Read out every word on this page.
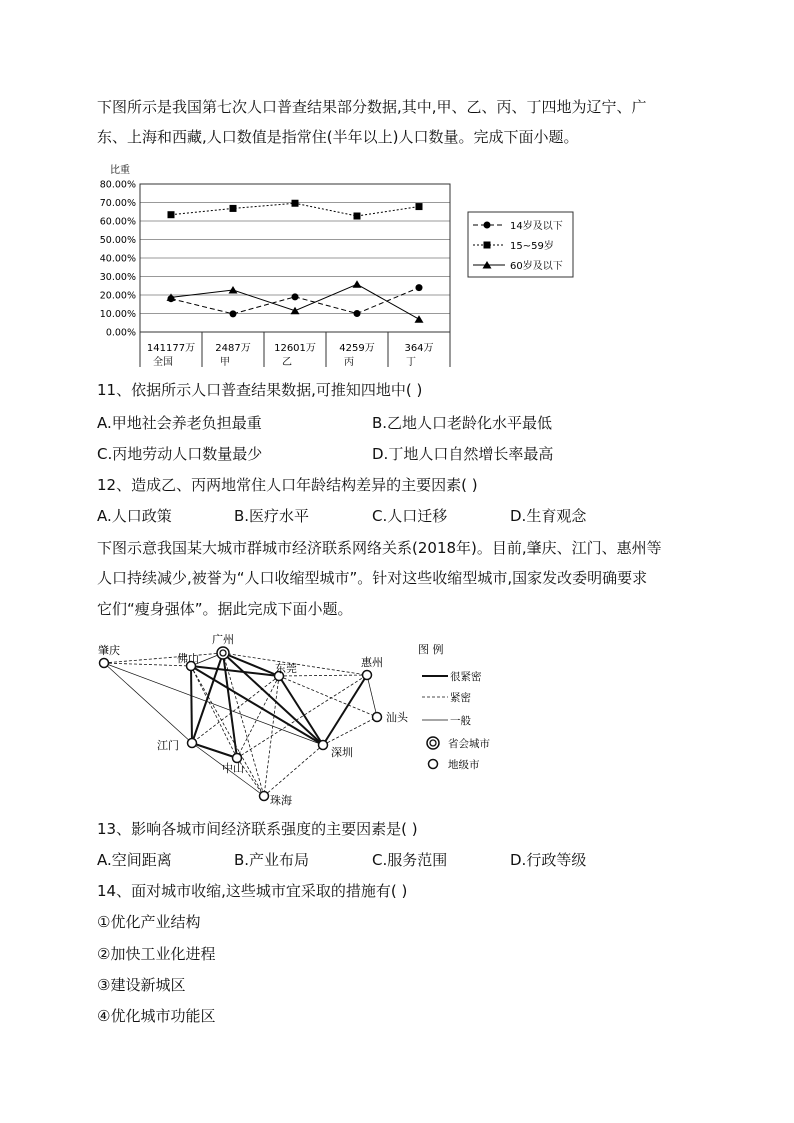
下图所示是我国第七次人口普查结果部分数据,其中,甲、乙、丙、丁四地为辽宁、广
东、上海和西藏,人口数值是指常住(半年以上)人口数量。完成下面小题。
比重
0.00%
10.00%
20.00%
30.00%
40.00%
50.00%
60.00%
70.00%
80.00%
141177万
全国
2487万
甲
12601万
乙
4259万
丙
364万
丁
14岁及以下
15~59岁
60岁及以下
11、依据所示人口普查结果数据,可推知四地中( )
A.甲地社会养老负担最重	B.乙地人口老龄化水平最低
C.丙地劳动人口数量最少	D.丁地人口自然增长率最高
12、造成乙、丙两地常住人口年龄结构差异的主要因素( )
A.人口政策	B.医疗水平	C.人口迁移	D.生育观念
下图示意我国某大城市群城市经济联系网络关系(2018年)。目前,肇庆、江门、惠州等
人口持续减少,被誉为“人口收缩型城市”。针对这些收缩型城市,国家发改委明确要求
它们“瘦身强体”。据此完成下面小题。
肇庆
佛山
广州
东莞	惠州
汕头
江门
中山
深圳
珠海
图 例
很紧密
紧密
一般
省会城市
地级市
13、影响各城市间经济联系强度的主要因素是( )
A.空间距离	B.产业布局	C.服务范围	D.行政等级
14、面对城市收缩,这些城市宜采取的措施有( )
①优化产业结构
②加快工业化进程
③建设新城区
④优化城市功能区
